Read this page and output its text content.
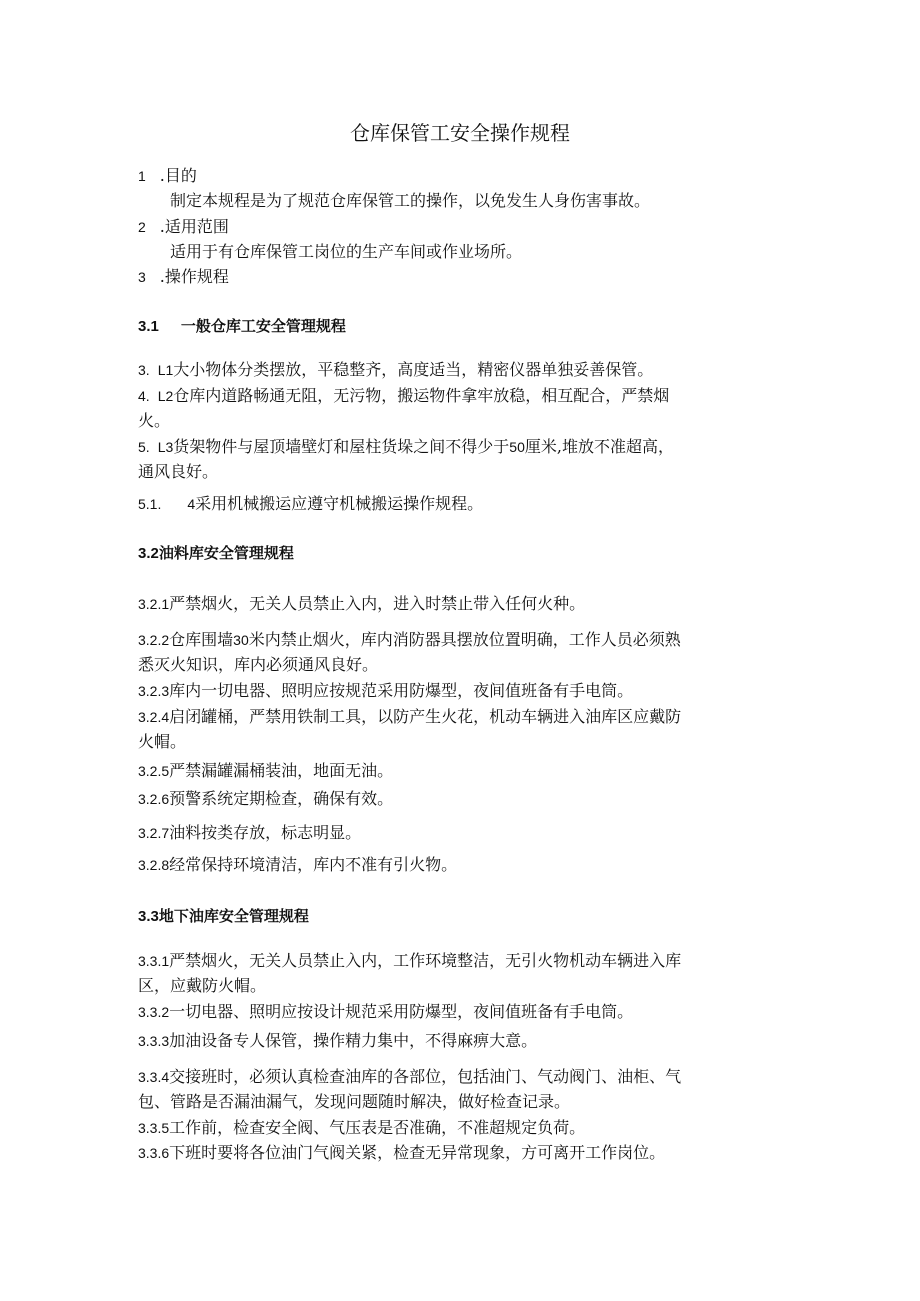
仓库保管工安全操作规程
1 .目的
制定本规程是为了规范仓库保管工的操作，以免发生人身伤害事故。
2 .适用范围
适用于有仓库保管工岗位的生产车间或作业场所。
3 .操作规程
3.1 一般仓库工安全管理规程
3. L1大小物体分类摆放，平稳整齐，高度适当，精密仪器单独妥善保管。
4. L2仓库内道路畅通无阻，无污物，搬运物件拿牢放稳，相互配合，严禁烟
火。
5. L3货架物件与屋顶墙壁灯和屋柱货垛之间不得少于50厘米,堆放不准超高，
通风良好。
5.1. 4采用机械搬运应遵守机械搬运操作规程。
3.2油料库安全管理规程
3.2.1严禁烟火，无关人员禁止入内，进入时禁止带入任何火种。
3.2.2仓库围墙30米内禁止烟火，库内消防器具摆放位置明确，工作人员必须熟
悉灭火知识，库内必须通风良好。
3.2.3库内一切电器、照明应按规范采用防爆型，夜间值班备有手电筒。
3.2.4启闭罐桶，严禁用铁制工具，以防产生火花，机动车辆进入油库区应戴防
火帽。
3.2.5严禁漏罐漏桶装油，地面无油。
3.2.6预警系统定期检查，确保有效。
3.2.7油料按类存放，标志明显。
3.2.8经常保持环境清洁，库内不准有引火物。
3.3地下油库安全管理规程
3.3.1严禁烟火，无关人员禁止入内，工作环境整洁，无引火物机动车辆进入库
区，应戴防火帽。
3.3.2一切电器、照明应按设计规范采用防爆型，夜间值班备有手电筒。
3.3.3加油设备专人保管，操作精力集中，不得麻痹大意。
3.3.4交接班时，必须认真检查油库的各部位，包括油门、气动阀门、油柜、气
包、管路是否漏油漏气，发现问题随时解决，做好检查记录。
3.3.5工作前，检查安全阀、气压表是否准确，不准超规定负荷。
3.3.6下班时要将各位油门气阀关紧，检查无异常现象，方可离开工作岗位。
